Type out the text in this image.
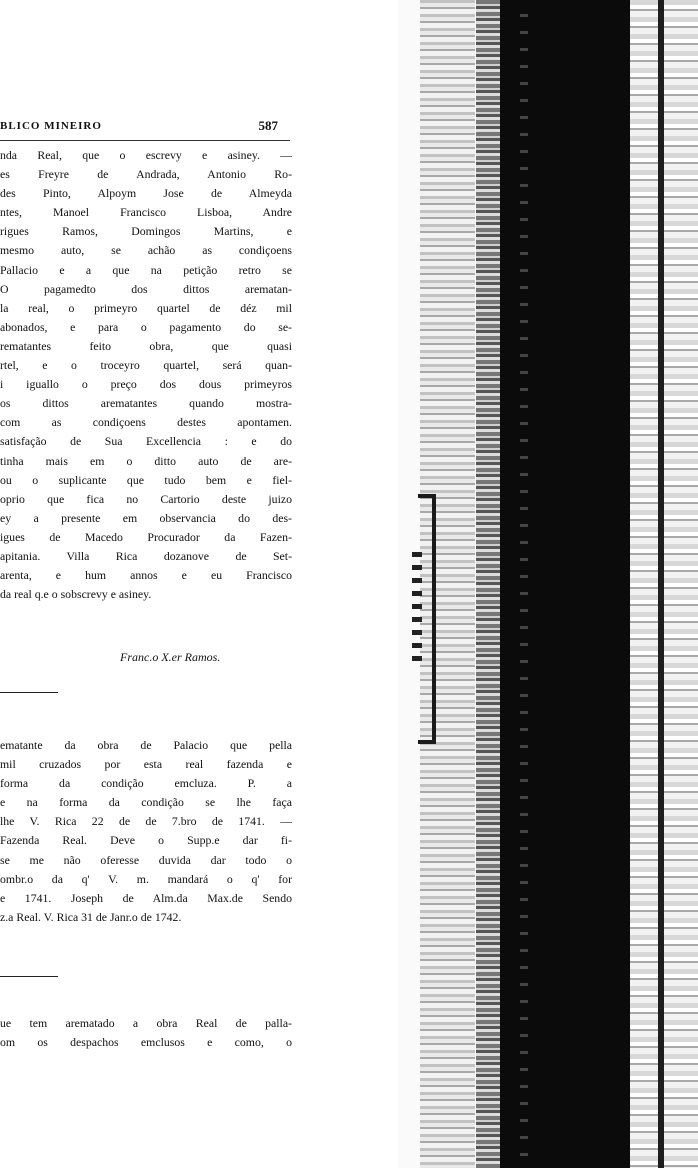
BLICO MINEIRO	587
nda Real, que o escrevy e asiney. —
es Freyre de Andrada, Antonio Ro-
des Pinto, Alpoym Jose de Almeyda
ntes, Manoel Francisco Lisboa, Andre
rigues Ramos, Domingos Martins, e
mesmo auto, se achão as condiçoens
Pallacio e a que na petição retro se
O pagamedto dos dittos arematan-
la real, o primeyro quartel de déz mil
abonados, e para o pagamento do se-
rematantes feito obra, que quasi
rtel, e o troceyro quartel, será quan-
i iguallo o preço dos dous primeyros
os dittos arematantes quando mostra-
com as condiçoens destes apontamen.
satisfação de Sua Excellencia : e do
tinha mais em o ditto auto de are-
ou o suplicante que tudo bem e fiel-
oprio que fica no Cartorio deste juizo
ey a presente em observancia do des-
igues de Macedo Procurador da Fazen-
apitania. Villa Rica dozanove de Set-
arenta, e hum annos e eu Francisco
da real q.e o sobscrevy e asiney.
Franc.o X.er Ramos.
ematante da obra de Palacio que pella
mil cruzados por esta real fazenda e
forma da condição emcluza. P. a
e na forma da condição se lhe faça
lhe V. Rica 22 de de 7.bro de 1741. —
Fazenda Real. Deve o Supp.e dar fi-
se me não oferesse duvida dar todo o
ombr.o da q' V. m. mandará o q' for
e 1741. Joseph de Alm.da Max.de Sendo
z.a Real. V. Rica 31 de Janr.o de 1742.
ue tem arematado a obra Real de palla-
om os despachos emclusos e como, o
